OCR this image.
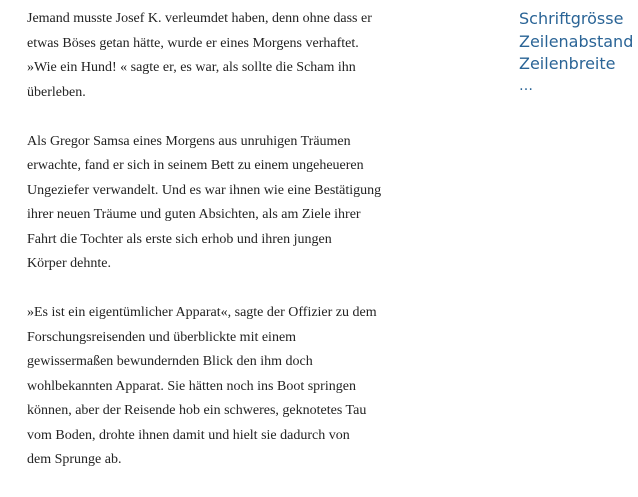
Jemand musste Josef K. verleumdet haben, denn ohne dass er
etwas Böses getan hätte, wurde er eines Morgens verhaftet.
»Wie ein Hund! « sagte er, es war, als sollte die Scham ihn
überleben.

Als Gregor Samsa eines Morgens aus unruhigen Träumen
erwachte, fand er sich in seinem Bett zu einem ungeheueren
Ungeziefer verwandelt. Und es war ihnen wie eine Bestätigung
ihrer neuen Träume und guten Absichten, als am Ziele ihrer
Fahrt die Tochter als erste sich erhob und ihren jungen
Körper dehnte.

»Es ist ein eigentümlicher Apparat«, sagte der Offizier zu dem
Forschungsreisenden und überblickte mit einem
gewissermaßen bewundernden Blick den ihm doch
wohlbekannten Apparat. Sie hätten noch ins Boot springen
können, aber der Reisende hob ein schweres, geknotetes Tau
vom Boden, drohte ihnen damit und hielt sie dadurch von
dem Sprunge ab.

Schriftgrösse
Zeilenabstand
Zeilenbreite
…
